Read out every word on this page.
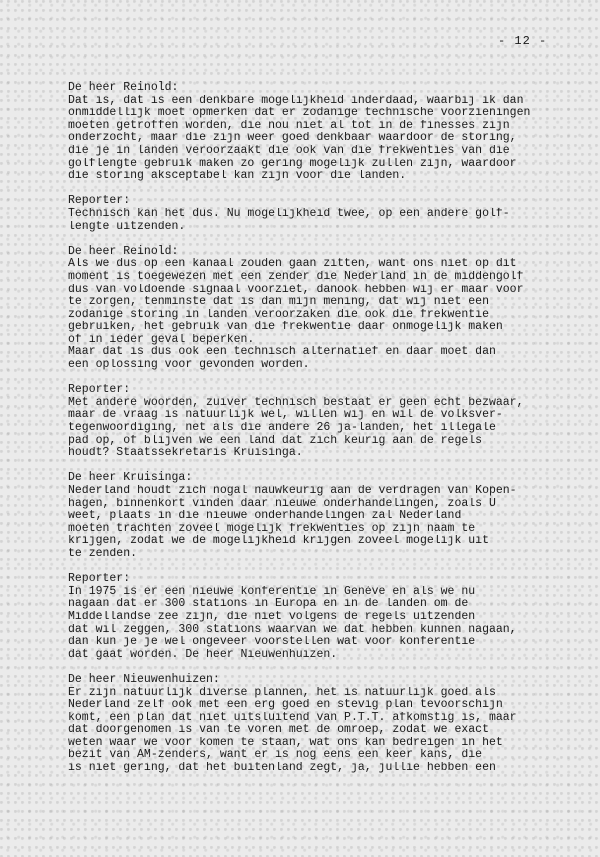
- 12 -
De heer Reinold:
Dat is, dat is een denkbare mogelijkheid inderdaad, waarbij ik dan
onmiddellijk moet opmerken dat er zodanige technische voorzieningen
moeten getroffen worden, die nou niet al tot in de finesses zijn
onderzocht, maar die zijn weer goed denkbaar waardoor de storing,
die je in landen veroorzaakt die ook van die frekwenties van die
golflengte gebruik maken zo gering mogelijk zullen zijn, waardoor
die storing aksceptabel kan zijn voor die landen.
Reporter:
Technisch kan het dus. Nu mogelijkheid twee, op een andere golf-
lengte uitzenden.
De heer Reinold:
Als we dus op een kanaal zouden gaan zitten, want ons niet op dit
moment is toegewezen met een zender die Nederland in de middengolf
dus van voldoende signaal voorziet, danook hebben wij er maar voor
te zorgen, tenminste dat is dan mijn mening, dat wij niet een
zodanige storing in landen veroorzaken die ook die frekwentie
gebruiken, het gebruik van die frekwentie daar onmogelijk maken
of in ieder geval beperken.
Maar dat is dus ook een technisch alternatief en daar moet dan
een oplossing voor gevonden worden.
Reporter:
Met andere woorden, zuiver technisch bestaat er geen echt bezwaar,
maar de vraag is natuurlijk wel, willen wij en wil de volksver-
tegenwoordiging, net als die andere 26 ja-landen, het illegale
pad op, of blijven we een land dat zich keurig aan de regels
houdt? Staatssekretaris Kruisinga.
De heer Kruisinga:
Nederland houdt zich nogal nauwkeurig aan de verdragen van Kopen-
hagen, binnenkort vinden daar nieuwe onderhandelingen, zoals U
weet, plaats in die nieuwe onderhandelingen zal Nederland
moeten trachten zoveel mogelijk frekwenties op zijn naam te
krijgen, zodat we de mogelijkheid krijgen zoveel mogelijk uit
te zenden.
Reporter:
In 1975 is er een nieuwe konferentie in Genève en als we nu
nagaan dat er 300 stations in Europa en in de landen om de
Middellandse zee zijn, die niet volgens de regels uitzenden
dat wil zeggen, 300 stations waarvan we dat hebben kunnen nagaan,
dan kun je je wel ongeveer voorstellen wat voor konferentie
dat gaat worden. De heer Nieuwenhuizen.
De heer Nieuwenhuizen:
Er zijn natuurlijk diverse plannen, het is natuurlijk goed als
Nederland zelf ook met een erg goed en stevig plan tevoorschijn
komt, een plan dat niet uitsluitend van P.T.T. afkomstig is, maar
dat doorgenomen is van te voren met de omroep, zodat we exact
weten waar we voor komen te staan, wat ons kan bedreigen in het
bezit van AM-zenders, want er is nog eens een keer kans, die
is niet gering, dat het buitenland zegt, ja, jullie hebben een
